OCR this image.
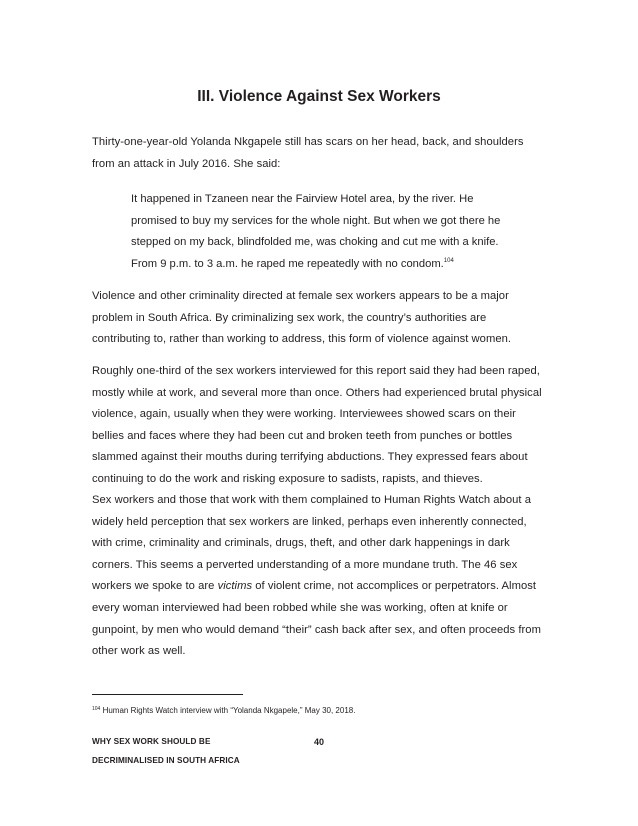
III. Violence Against Sex Workers

Thirty-one-year-old Yolanda Nkgapele still has scars on her head, back, and shoulders
from an attack in July 2016. She said:

It happened in Tzaneen near the Fairview Hotel area, by the river. He
promised to buy my services for the whole night. But when we got there he
stepped on my back, blindfolded me, was choking and cut me with a knife.
From 9 p.m. to 3 a.m. he raped me repeatedly with no condom.$^{104}$

Violence and other criminality directed at female sex workers appears to be a major
problem in South Africa. By criminalizing sex work, the country’s authorities are
contributing to, rather than working to address, this form of violence against women.

Roughly one-third of the sex workers interviewed for this report said they had been raped,
mostly while at work, and several more than once. Others had experienced brutal physical
violence, again, usually when they were working. Interviewees showed scars on their
bellies and faces where they had been cut and broken teeth from punches or bottles
slammed against their mouths during terrifying abductions. They expressed fears about
continuing to do the work and risking exposure to sadists, rapists, and thieves.

Sex workers and those that work with them complained to Human Rights Watch about a
widely held perception that sex workers are linked, perhaps even inherently connected,
with crime, criminality and criminals, drugs, theft, and other dark happenings in dark
corners. This seems a perverted understanding of a more mundane truth. The 46 sex
workers we spoke to are victims of violent crime, not accomplices or perpetrators. Almost
every woman interviewed had been robbed while she was working, often at knife or
gunpoint, by men who would demand “their” cash back after sex, and often proceeds from
other work as well.

$^{104}$ Human Rights Watch interview with “Yolanda Nkgapele,” May 30, 2018.
WHY SEX WORK SHOULD BE
DECRIMINALISED IN SOUTH AFRICA
40
